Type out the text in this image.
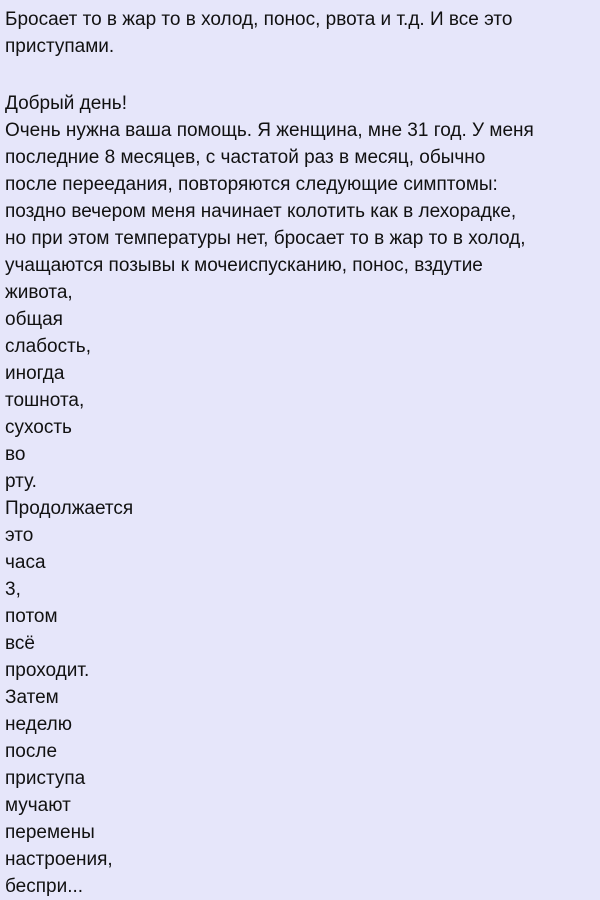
Бросает то в жар то в холод, понос, рвота и т.д. И все это
приступами.
Добрый день!
Очень нужна ваша помощь. Я женщина, мне 31 год. У меня
последние 8 месяцев, с частатой раз в месяц, обычно
после переедания, повторяются следующие симптомы:
поздно вечером меня начинает колотить как в лехорадке,
но при этом температуры нет, бросает то в жар то в холод,
учащаются позывы к мочеиспусканию, понос, вздутие
живота,
общая
слабость,
иногда
тошнота,
сухость
во
рту.
Продолжается
это
часа
3,
потом
всё
проходит.
Затем
неделю
после
приступа
мучают
перемены
настроения,
беспри...
